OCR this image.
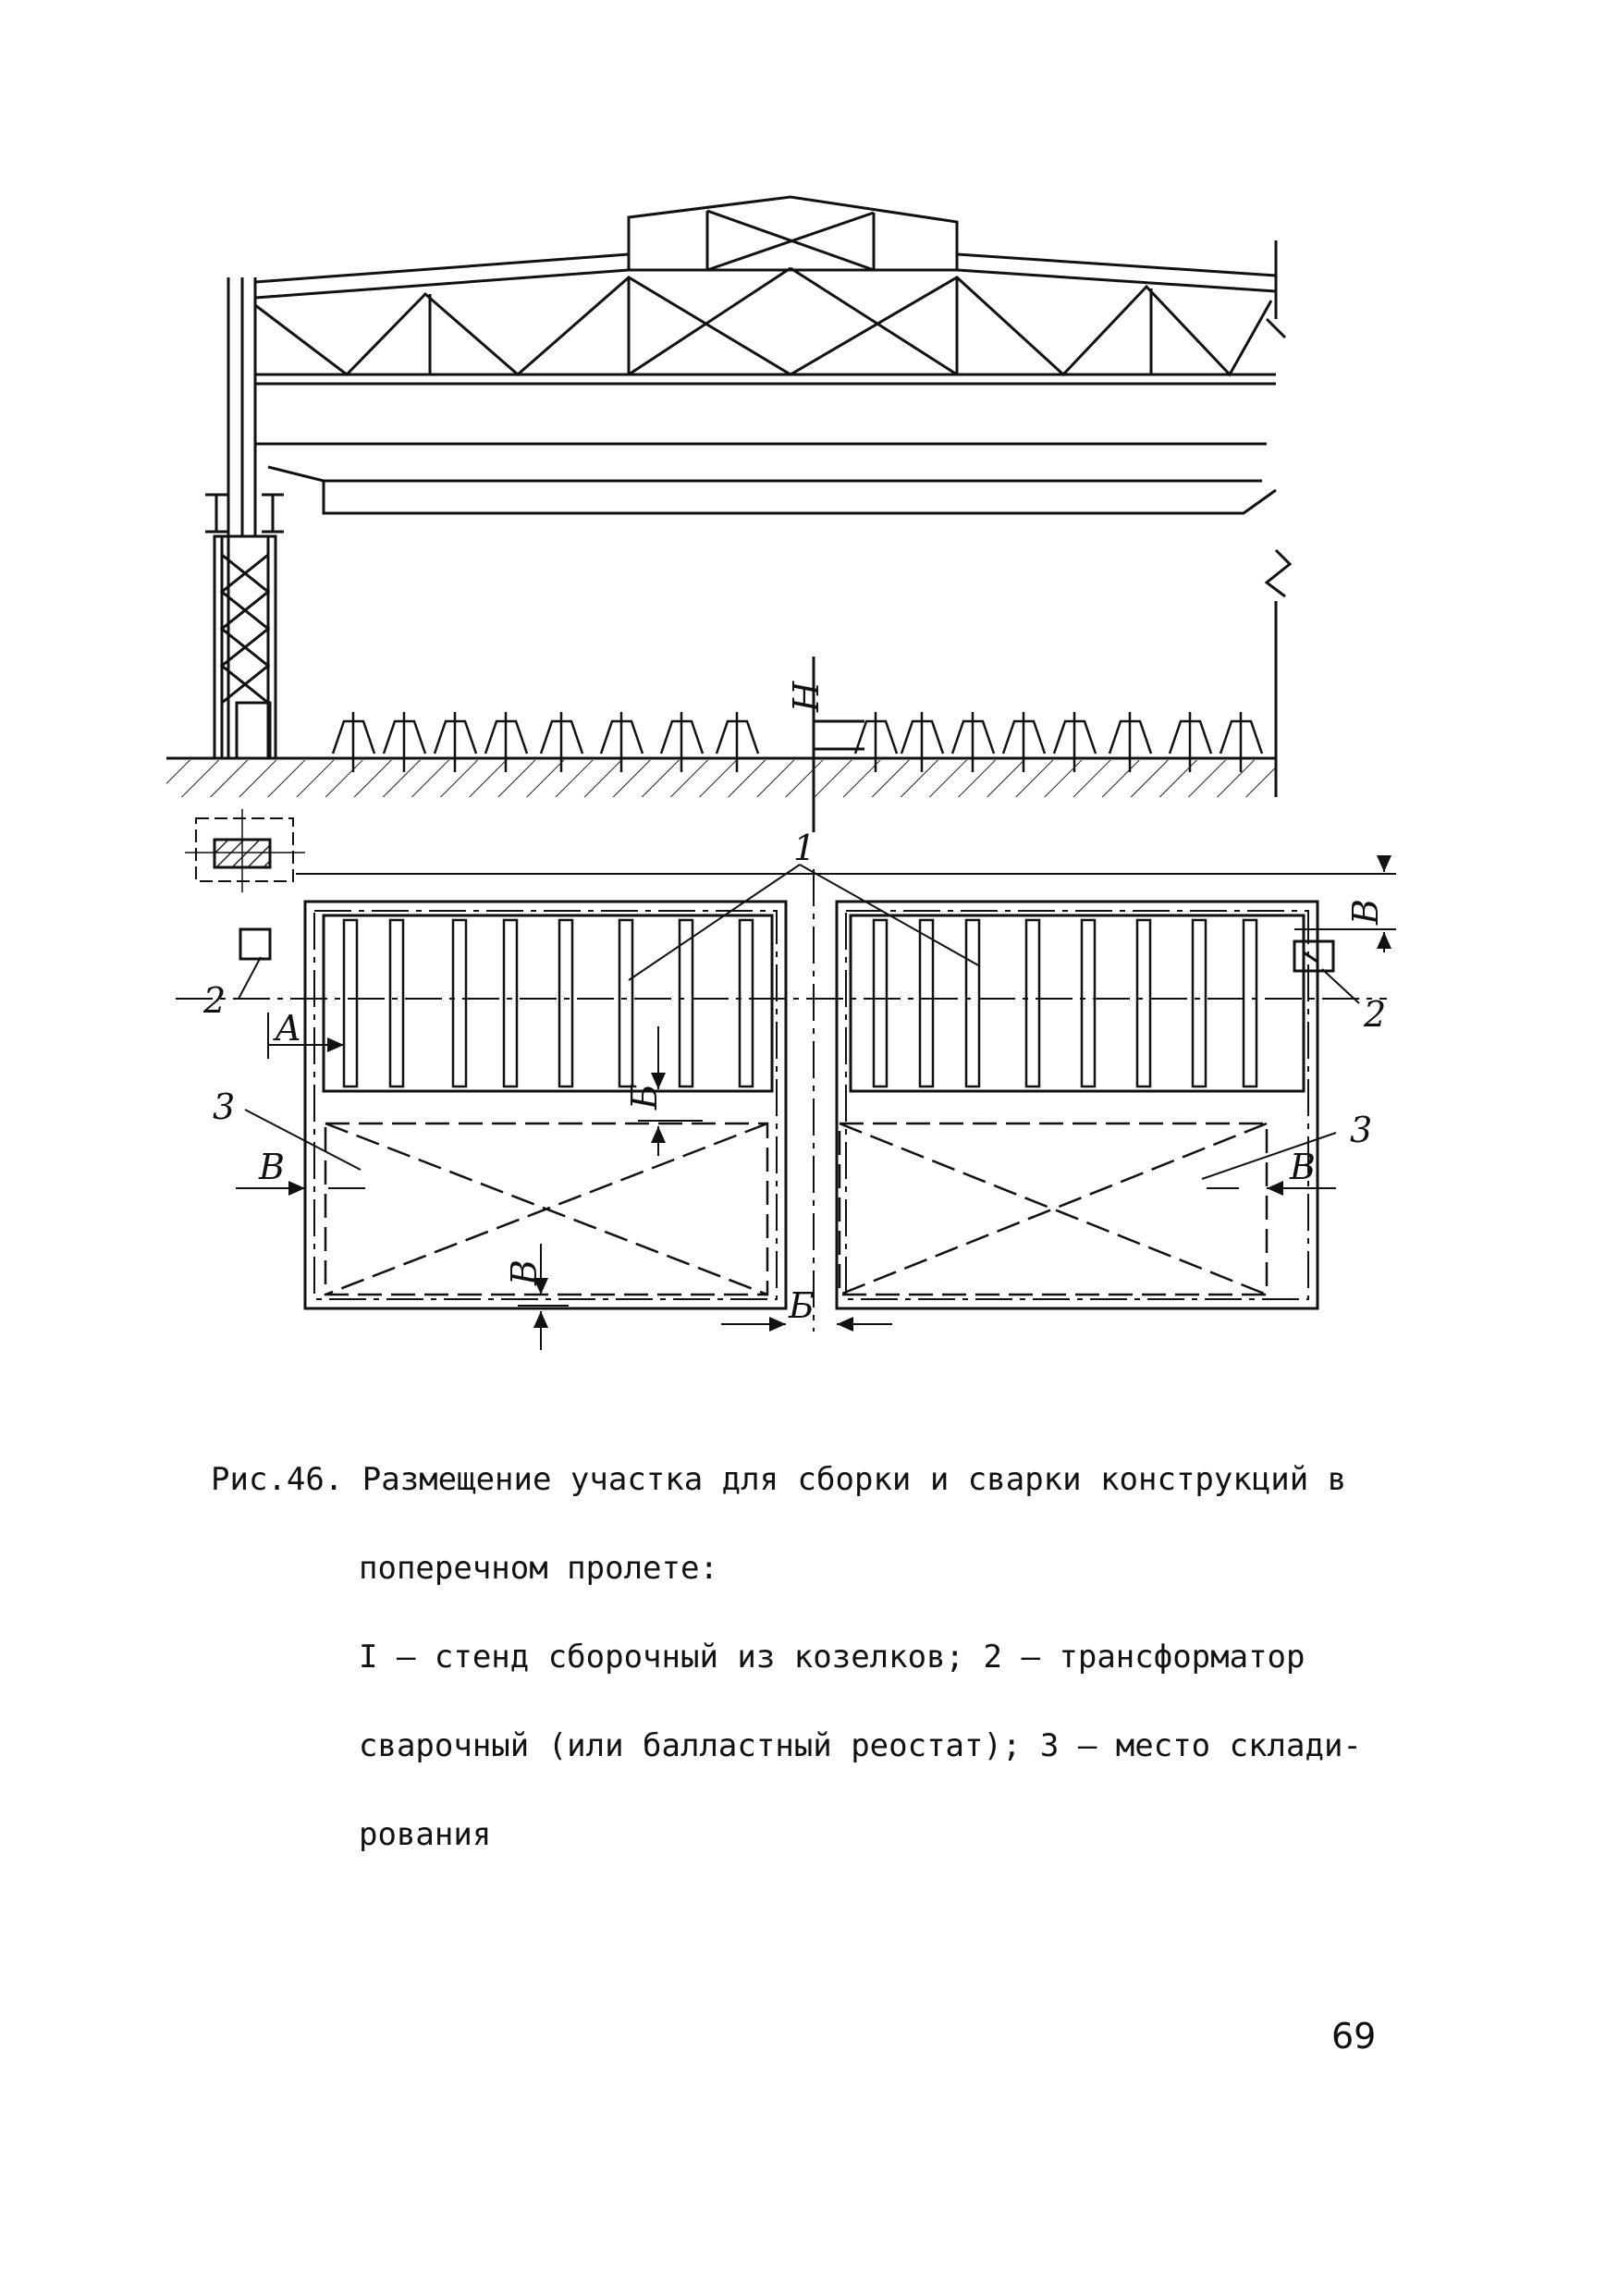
H
1
2	2
3
3
A
В
Б
Б
В	В
В

Рис.46. Размещение участка для сборки и сварки конструкций в

поперечном пролете:

I – стенд сборочный из козелков; 2 – трансформатор

сварочный (или балластный реостат); 3 – место склади-

рования

69
